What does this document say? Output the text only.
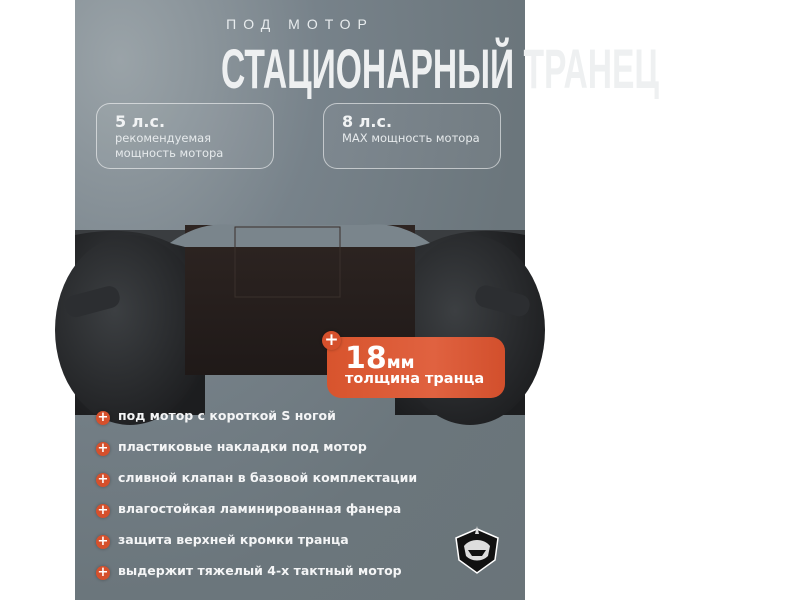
ПОД МОТОР
СТАЦИОНАРНЫЙ ТРАНЕЦ
5 л.с.
рекомендуемая
мощность мотора
8 л.с.
MAX мощность мотора
18мм
толщина транца
+
+ под мотор с короткой S ногой
+ пластиковые накладки под мотор
+ сливной клапан в базовой комплектации
+ влагостойкая ламинированная фанера
+ защита верхней кромки транца
+ выдержит тяжелый 4-х тактный мотор
